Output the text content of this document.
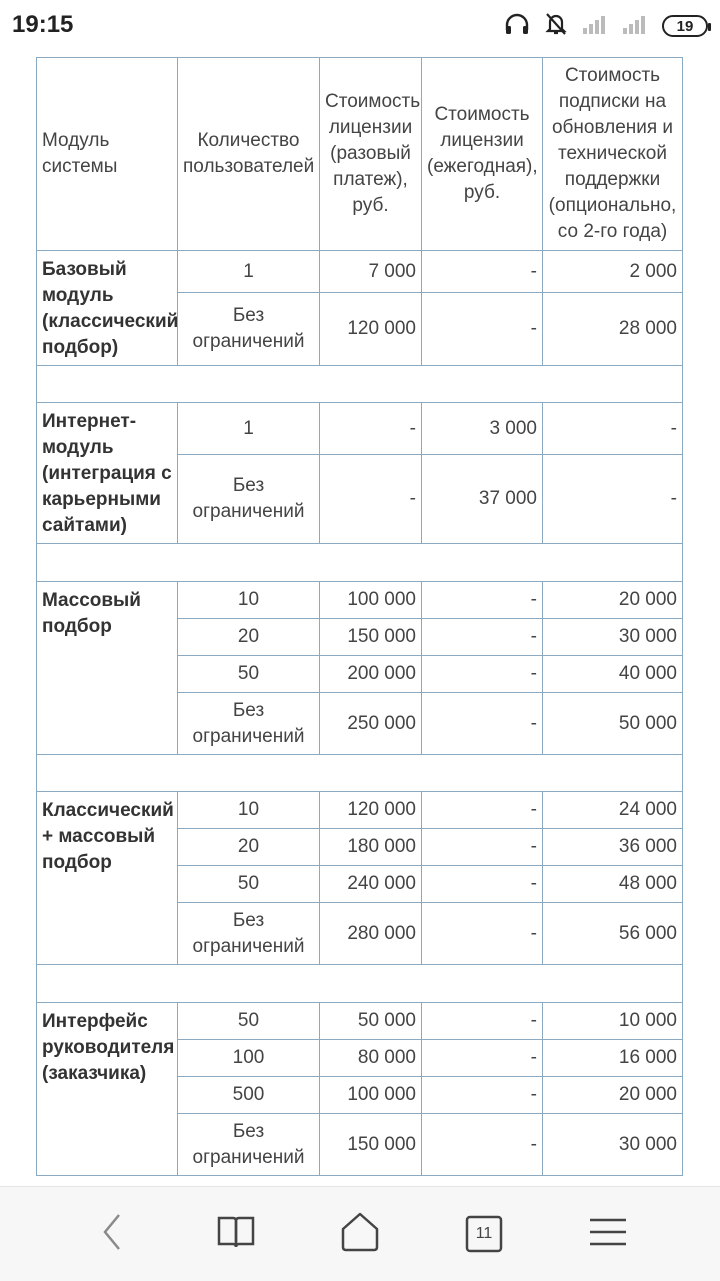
19:15	19
Модуль системы	Количество пользователей	Стоимость лицензии (разовый платеж), руб.	Стоимость лицензии (ежегодная), руб.	Стоимость подписки на обновления и технической поддержки (опционально, со 2-го года)
Базовый модуль (классический подбор)	1	7 000	-	2 000
	Без ограничений	120 000	-	28 000

Интернет-модуль (интеграция с карьерными сайтами)	1	-	3 000	-
	Без ограничений	-	37 000	-

Массовый подбор	10	100 000	-	20 000
	20	150 000	-	30 000
	50	200 000	-	40 000
	Без ограничений	250 000	-	50 000

Классический + массовый подбор	10	120 000	-	24 000
	20	180 000	-	36 000
	50	240 000	-	48 000
	Без ограничений	280 000	-	56 000

Интерфейс руководителя (заказчика)	50	50 000	-	10 000
	100	80 000	-	16 000
	500	100 000	-	20 000
	Без ограничений	150 000	-	30 000
11
